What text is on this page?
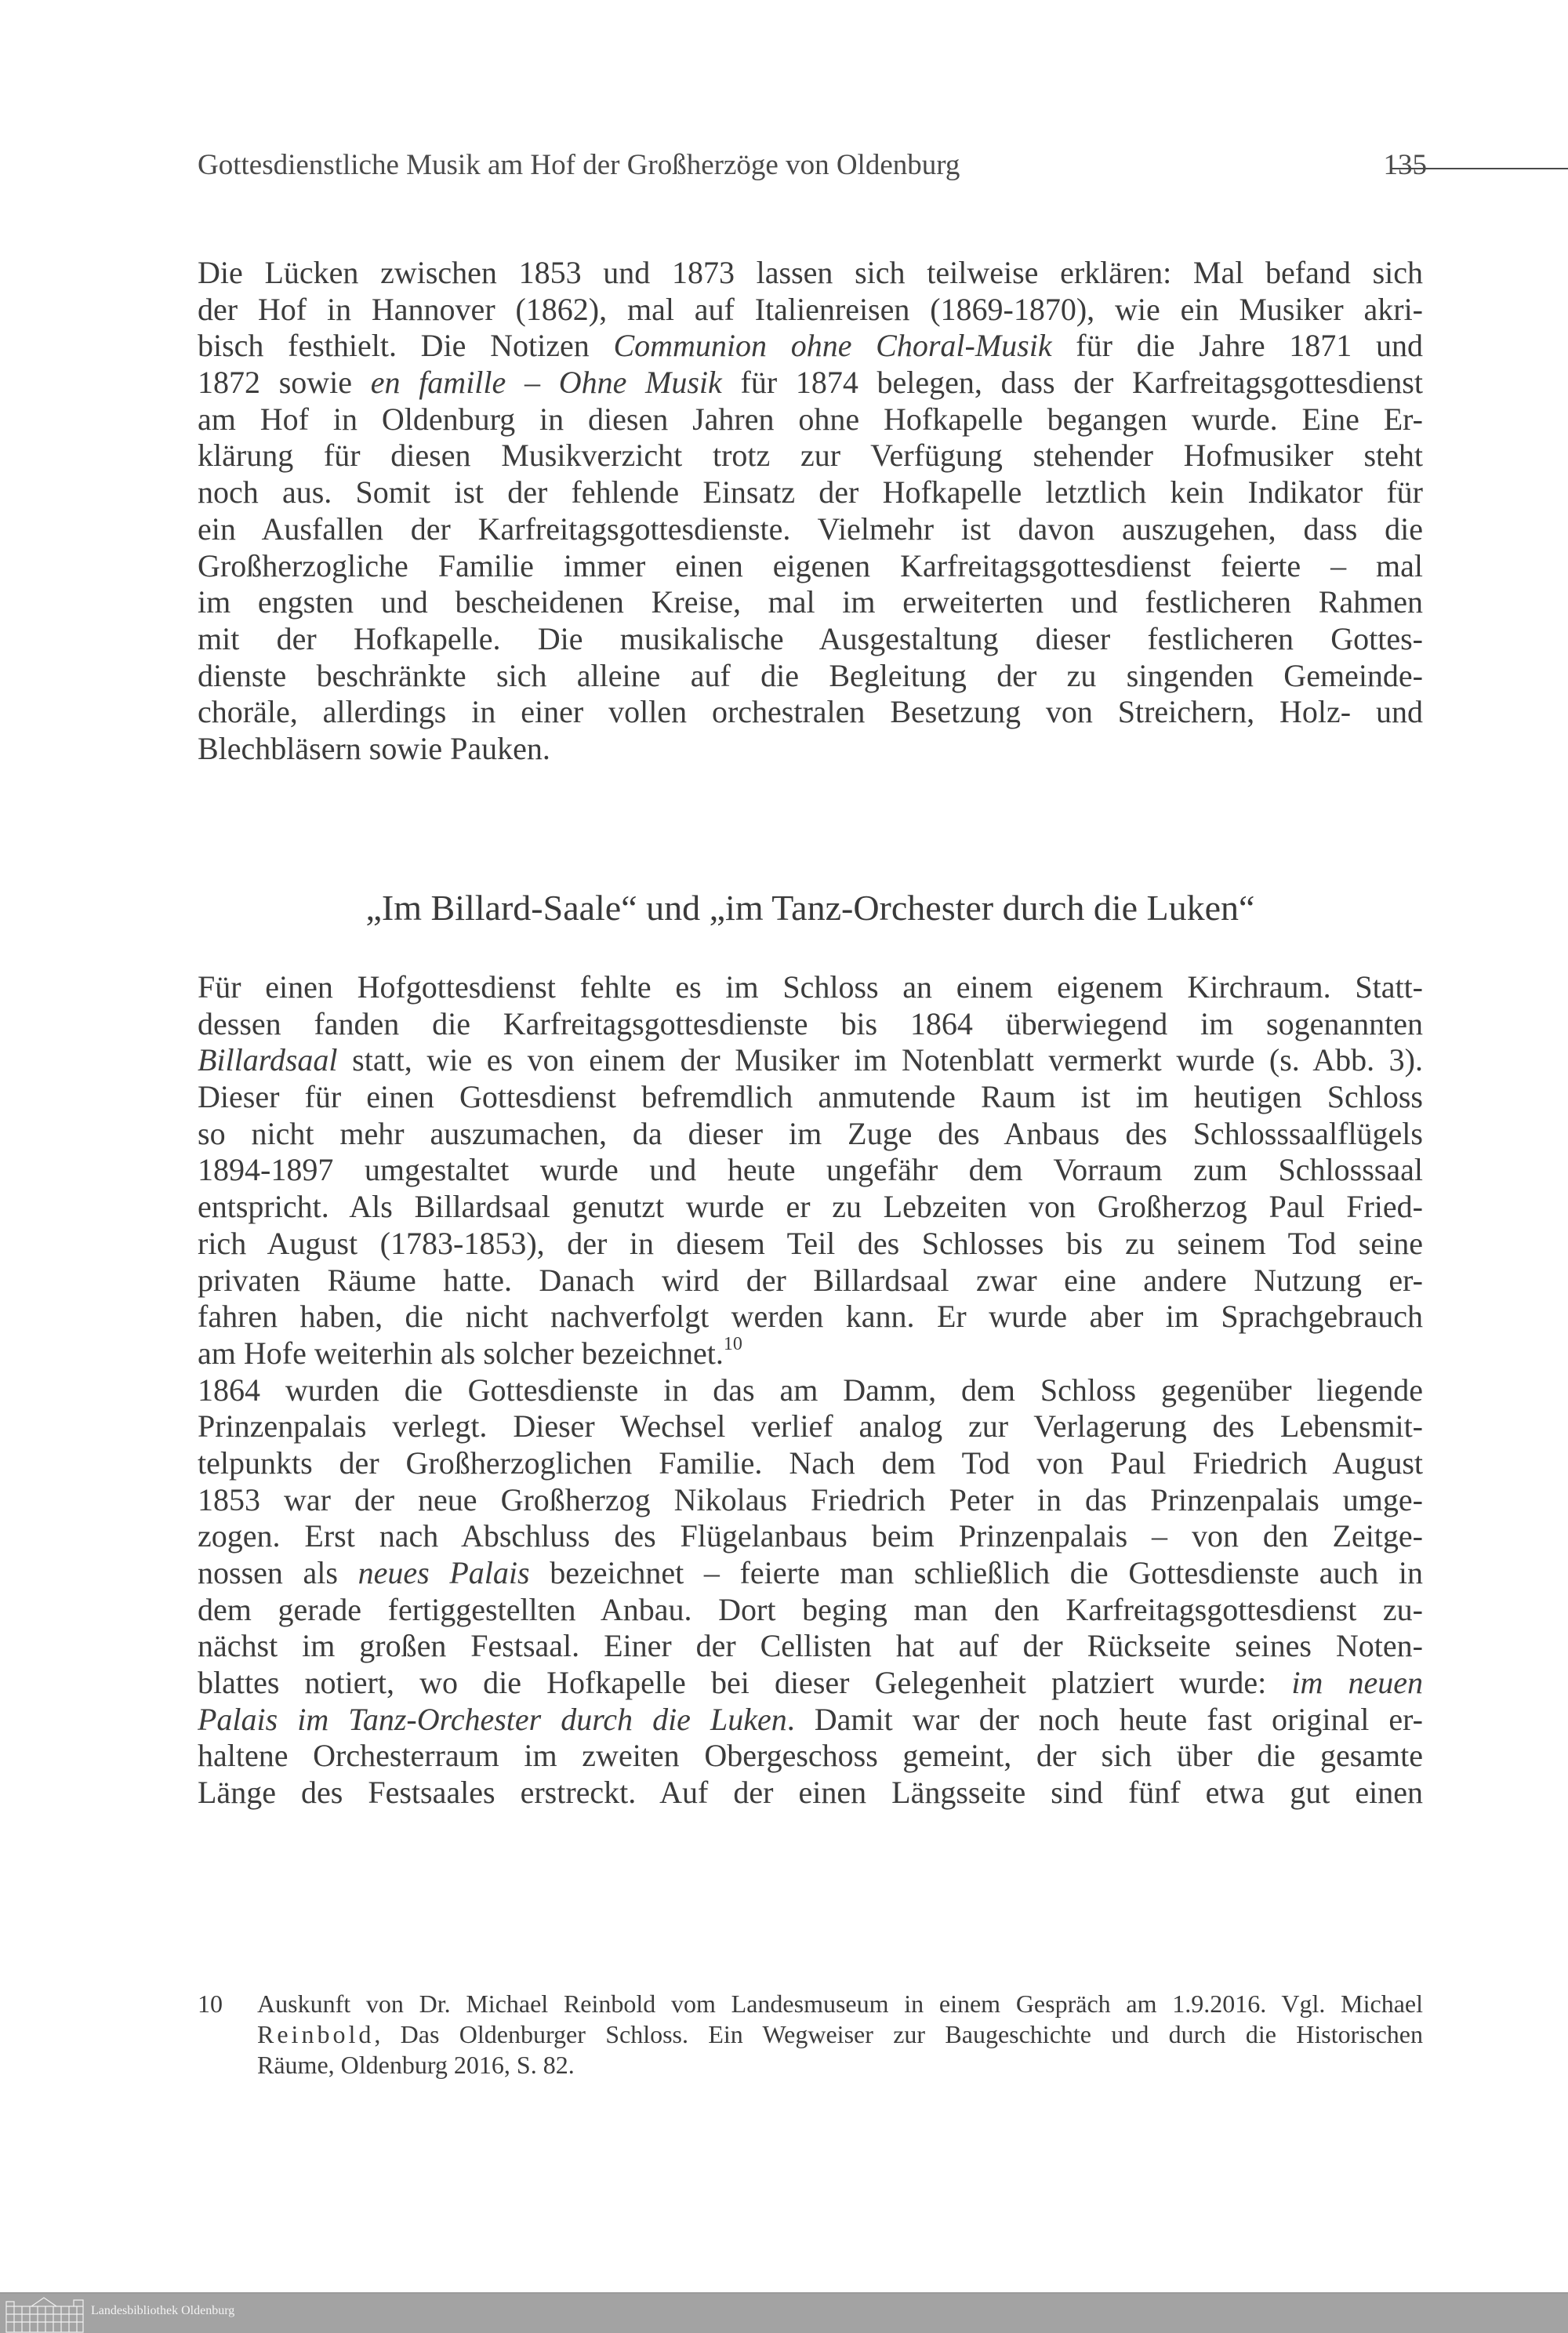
Gottesdienstliche Musik am Hof der Großherzöge von Oldenburg	135
Die Lücken zwischen 1853 und 1873 lassen sich teilweise erklären: Mal befand sich
der Hof in Hannover (1862), mal auf Italienreisen (1869-1870), wie ein Musiker akri-
bisch festhielt. Die Notizen Communion ohne Choral-Musik für die Jahre 1871 und
1872 sowie en famille – Ohne Musik für 1874 belegen, dass der Karfreitagsgottesdienst
am Hof in Oldenburg in diesen Jahren ohne Hofkapelle begangen wurde. Eine Er-
klärung für diesen Musikverzicht trotz zur Verfügung stehender Hofmusiker steht
noch aus. Somit ist der fehlende Einsatz der Hofkapelle letztlich kein Indikator für
ein Ausfallen der Karfreitagsgottesdienste. Vielmehr ist davon auszugehen, dass die
Großherzogliche Familie immer einen eigenen Karfreitagsgottesdienst feierte – mal
im engsten und bescheidenen Kreise, mal im erweiterten und festlicheren Rahmen
mit der Hofkapelle. Die musikalische Ausgestaltung dieser festlicheren Gottes-
dienste beschränkte sich alleine auf die Begleitung der zu singenden Gemeinde-
choräle, allerdings in einer vollen orchestralen Besetzung von Streichern, Holz- und
Blechbläsern sowie Pauken.
„Im Billard-Saale“ und „im Tanz-Orchester durch die Luken“
Für einen Hofgottesdienst fehlte es im Schloss an einem eigenem Kirchraum. Statt-
dessen fanden die Karfreitagsgottesdienste bis 1864 überwiegend im sogenannten
Billardsaal statt, wie es von einem der Musiker im Notenblatt vermerkt wurde (s. Abb. 3).
Dieser für einen Gottesdienst befremdlich anmutende Raum ist im heutigen Schloss
so nicht mehr auszumachen, da dieser im Zuge des Anbaus des Schlosssaalflügels
1894-1897 umgestaltet wurde und heute ungefähr dem Vorraum zum Schlosssaal
entspricht. Als Billardsaal genutzt wurde er zu Lebzeiten von Großherzog Paul Fried-
rich August (1783-1853), der in diesem Teil des Schlosses bis zu seinem Tod seine
privaten Räume hatte. Danach wird der Billardsaal zwar eine andere Nutzung er-
fahren haben, die nicht nachverfolgt werden kann. Er wurde aber im Sprachgebrauch
am Hofe weiterhin als solcher bezeichnet.$^{10}$
1864 wurden die Gottesdienste in das am Damm, dem Schloss gegenüber liegende
Prinzenpalais verlegt. Dieser Wechsel verlief analog zur Verlagerung des Lebensmit-
telpunkts der Großherzoglichen Familie. Nach dem Tod von Paul Friedrich August
1853 war der neue Großherzog Nikolaus Friedrich Peter in das Prinzenpalais umge-
zogen. Erst nach Abschluss des Flügelanbaus beim Prinzenpalais – von den Zeitge-
nossen als neues Palais bezeichnet – feierte man schließlich die Gottesdienste auch in
dem gerade fertiggestellten Anbau. Dort beging man den Karfreitagsgottesdienst zu-
nächst im großen Festsaal. Einer der Cellisten hat auf der Rückseite seines Noten-
blattes notiert, wo die Hofkapelle bei dieser Gelegenheit platziert wurde: im neuen
Palais im Tanz-Orchester durch die Luken. Damit war der noch heute fast original er-
haltene Orchesterraum im zweiten Obergeschoss gemeint, der sich über die gesamte
Länge des Festsaales erstreckt. Auf der einen Längsseite sind fünf etwa gut einen
10 Auskunft von Dr. Michael Reinbold vom Landesmuseum in einem Gespräch am 1.9.2016. Vgl. Michael
Reinbold, Das Oldenburger Schloss. Ein Wegweiser zur Baugeschichte und durch die Historischen
Räume, Oldenburg 2016, S. 82.
Landesbibliothek Oldenburg
